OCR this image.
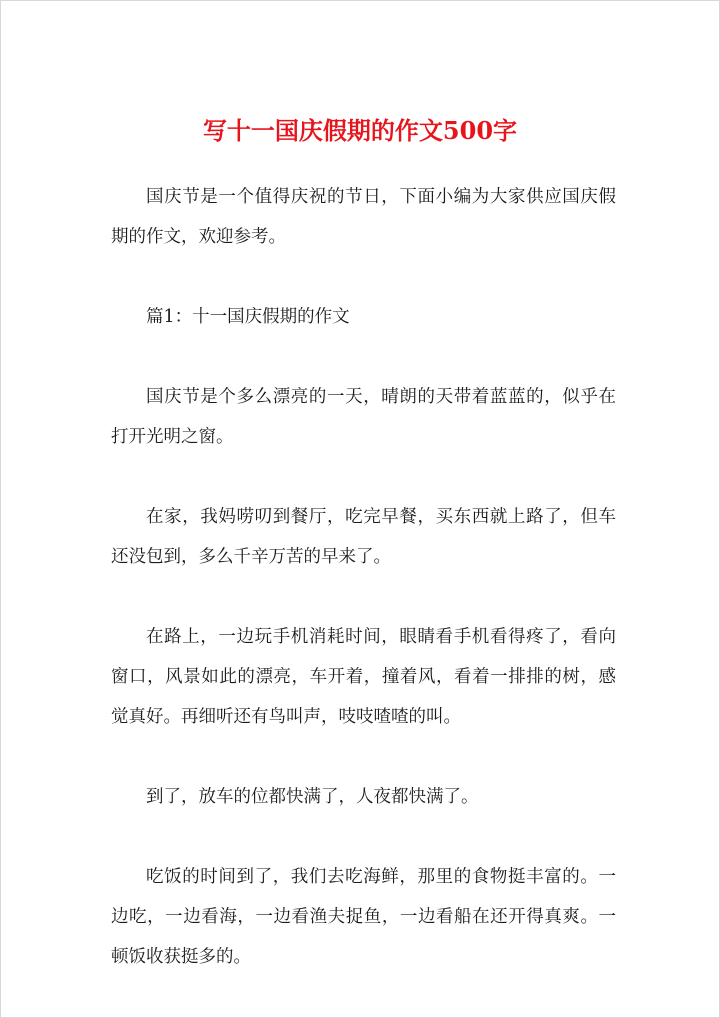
写十一国庆假期的作文500字

国庆节是一个值得庆祝的节日，下面小编为大家供应国庆假期的作文，欢迎参考。

篇1：十一国庆假期的作文

国庆节是个多么漂亮的一天，晴朗的天带着蓝蓝的，似乎在打开光明之窗。

在家，我妈唠叨到餐厅，吃完早餐，买东西就上路了，但车还没包到，多么千辛万苦的早来了。

在路上，一边玩手机消耗时间，眼睛看手机看得疼了，看向窗口，风景如此的漂亮，车开着，撞着风，看着一排排的树，感觉真好。再细听还有鸟叫声，吱吱喳喳的叫。

到了，放车的位都快满了，人夜都快满了。

吃饭的时间到了，我们去吃海鲜，那里的食物挺丰富的。一边吃，一边看海，一边看渔夫捉鱼，一边看船在还开得真爽。一顿饭收获挺多的。
